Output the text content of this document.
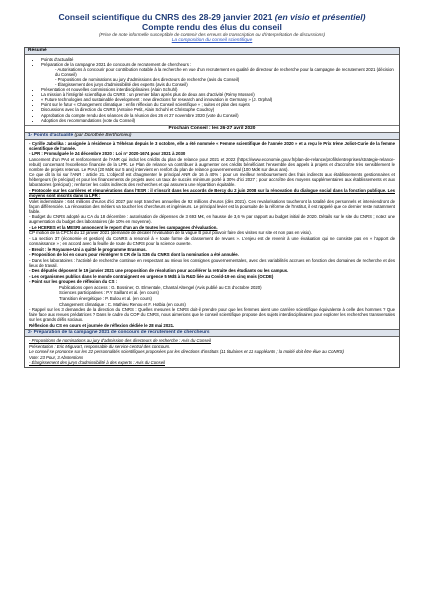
Conseil scientifique du CNRS des 28-29 janvier 2021 (en visio et présentiel)
Compte rendu des élus du conseil
(Prise de note informelle susceptible de contenir des erreurs de transcription ou d'interprétation de discussions)
La composition du conseil scientifique
Résumé
• Points d'actualité
• Préparation de la campagne 2021 de concours de recrutement de chercheurs :
- Autorisations à concourir pour contribution notable à la recherche en vue d'un recrutement en qualité de directeur de recherche pour la campagne de recrutement 2021 (décision du Conseil)
- Propositions de nominations au jury d'admissions des directeurs de recherche (avis du Conseil)
- Élargissement des jurys d'admissibilité des experts (avis du Conseil)
• Présentation et nouvelles commissions interdisciplinaires (Alain Schuhl)
• La mission à l'intégrité scientifique du CNRS : un premier bilan après plus de deux ans d'activité (Rémy Mosseri)
• « Future technologies and sustainable development : new directions for research and innovation in Germany » (J. Orphal)
• Point sur le futur « Changement climatique : enfin réflexion du Conseil scientifique » ; suites et plan des sujets
• Discussions avec la direction du CNRS (Antoine Petit, Alain Schuhl et Christophe Coudroy)
• Approbation du compte rendu des séances de la réunion des 26 et 27 novembre 2020 (vote du Conseil)
• Adoption des recommandations (vote du Conseil)
Prochain Conseil : les 26-27 avril 2020
1- Points d'actualité (par Dorothée Berthomieu)

- Cyrille Jabolika : assignée à résidence à Téhéran depuis le 3 octobre, elle a été nommée « Femme scientifique de l'année 2020 » et a reçu le Prix Irène Joliot-Curie de la femme scientifique de l'année.

- LPR : Promulguée le 24 décembre 2020 : Loi n° 2020-1674 pour 2021 à 2030

Lancement d'un PA4 et renforcement de l'ANR qui inclut les crédits du plan de relance pour 2021 et 2022 (https://www.economie.gouv.fr/plan-de-relance/profils/entreprises/strategie-relance-rebuit) concernant l'excellence financée de la LPR. Le Plan de relance va contribuer à augmenter ces crédits bénéficiant l'ensemble des appels à projets et d'accroître très sensiblement le nombre de projets retenus. Le PIA4 (20 Md€ sur 5 ans) intervient en renfort du plan de relance gouvernemental (100 Md€ sur deux ans).

Ce que dit la loi sur l'ANR : article 21. L'objectif est d'augmenter le principal ANR de 16 à 40% : pour un meilleur remboursement des frais indirects aux établissements gestionnaires et hébergeurs (le préciput) et pour les financements de projets avec un taux de succès minimum porté à 30% d'ici 2027 ; pour accroître des moyens supplémentaires aux établissements et aux laboratoires (préciput) ; renforcer les coûts indirects des recherches et qui assurera une répartition équitable.

- Protocole sur les carrières et rémunérations dans l'ESR : il s'inscrit dans les accords de Bercy du 2 juin 2008 sur la rénovation du dialogue social dans la fonction publique. Les moyens sont inscrits dans la LPR :

Volet indemnitaire : 644 millions d'euros d'ici 2027 par sept tranches annuelles de 92 millions d'euros (dès 2021). Ces revalorisations toucheront la totalité des personnels et interviendront de façon différenciée. La rénovation des métiers va toucher les chercheurs et ingénieurs. Le principal levier est la poursuite de la réforme de l'Institut, il est rappelé que ce dernier reste notamment faible.

- Budget du CNRS adopté au CA du 18 décembre : autorisation de dépenses de 3 693 M€, en hausse de 3,6 % par rapport au budget initial de 2020. Détails sur le site du CNRS ; notez une augmentation du budget des laboratoires (de 10% en moyenne).

- Le HCERES et la MESRI annoncent le report d'un an de toutes les campagnes d'évaluation.

CP motion de la CPCN du 12 janvier 2021 (demande de décaler l'évaluation de la vague B pour pouvoir faire des visites sur site et non pas en visio).

- La section 37 (économie et gestion) du CoNRS a renoncé à « toute forme de classement de revues ». L'enjeu est de revenir à une évaluation qui ne consiste pas en « l'apport de connaissance » ; en accord avec la feuille de route du CNRS pour la science ouverte.

- Brexit : le Royaume-Uni a quitté le programme Erasmus.

- Proposition de loi en cours pour réintégrer 5 CR de la S36 du CNRS dont la nomination a été annulée.

- Dans les laboratoires : l'activité de recherche continue en respectant au mieux les consignes gouvernementales, avec des variabilités accrues en fonction des domaines de recherche et des lieux de travail.

- Des députés déposent le 19 janvier 2021 une proposition de résolution pour accélérer la retraite des étudiants ou les campus.

- Les organismes publics dans le monde contraignent en urgence 5 Md$ à la R&D liée au Covid-19 en cinq mois (OCDE)

- Point sur les groupes de réflexion du CS :

Publications open access : G. Bossiner, O. Elmentale, Chantal Altengel (Avis publié au CS d'octobre 2020)

Sciences participatives : P.Y Saillant et al. (en cours)

Transition énergétique : P. Bulou et al. (en cours)

Changement climatique : C. Mathieu Renou et F. Hotbia (en cours)

- Rappel sur les 3 demandes de la direction du CNRS : Quelles mesures le CNRS doit-il prendre pour que les femmes aient une carrière scientifique équivalente à celle des hommes ? Que faire face aux revues prédatrices ? Dans le cadre du COP du CNRS, nous aimerions que le conseil scientifique propose des sujets interdisciplinaires pour explorer les recherches transversales sur les grands défis sociaux.

Réflexion du CS en cours et journée de réflexion dédiée le 28 mai 2021.

2- Préparation de la campagne 2021 de concours de recrutement de chercheurs

- Propositions de nominations au jury d'admission des directeurs de recherche : Avis du Conseil

Présentation : Eric Miguvart, responsable du service central des concours.

Le conseil se prononce sur les 22 personnalités scientifiques proposées par les directions d'instituts (11 titulaires et 11 suppléants ; la moitié doit être élue au CoNRS)

Vote: 23 Pour, 3 Abstentions

- Élargissement des jurys d'admissibilité à des experts : Avis du Conseil
